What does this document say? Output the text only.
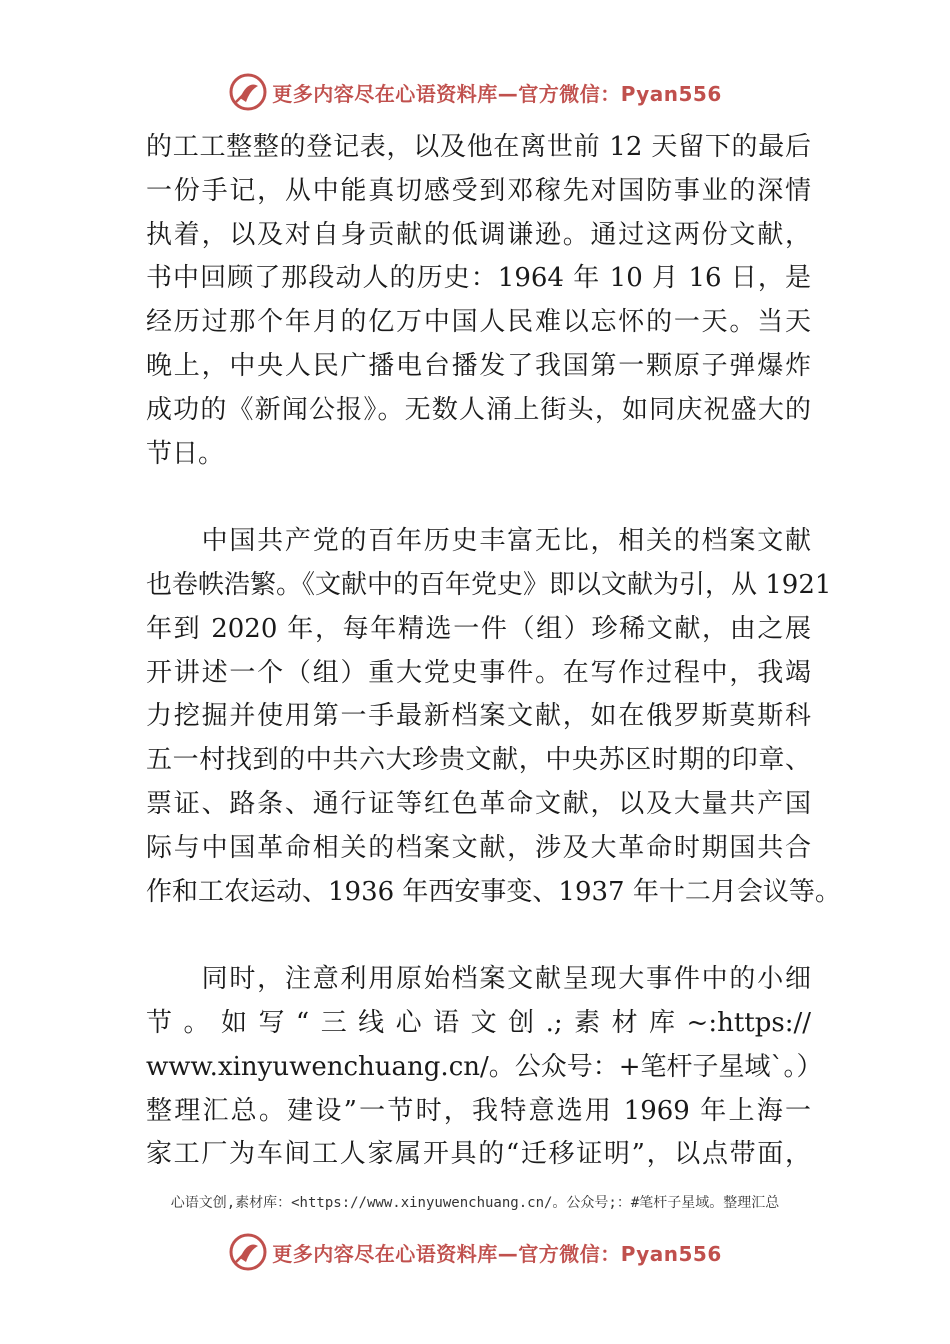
更多内容尽在心语资料库—官方微信：Pyan556
的工工整整的登记表，以及他在离世前 12 天留下的最后
一份手记，从中能真切感受到邓稼先对国防事业的深情
执着，以及对自身贡献的低调谦逊。通过这两份文献，
书中回顾了那段动人的历史：1964 年 10 月 16 日，是
经历过那个年月的亿万中国人民难以忘怀的一天。当天
晚上，中央人民广播电台播发了我国第一颗原子弹爆炸
成功的《新闻公报》。无数人涌上街头，如同庆祝盛大的
节日。
　　中国共产党的百年历史丰富无比，相关的档案文献
也卷帙浩繁。《文献中的百年党史》即以文献为引，从 1921
年到 2020 年，每年精选一件（组）珍稀文献，由之展
开讲述一个（组）重大党史事件。在写作过程中，我竭
力挖掘并使用第一手最新档案文献，如在俄罗斯莫斯科
五一村找到的中共六大珍贵文献，中央苏区时期的印章、
票证、路条、通行证等红色革命文献，以及大量共产国
际与中国革命相关的档案文献，涉及大革命时期国共合
作和工农运动、1936 年西安事变、1937 年十二月会议等。
　　同时，注意利用原始档案文献呈现大事件中的小细
节。如写“三线心语文创.;素材库~:https://
www.xinyuwenchuang.cn/。公众号：+笔杆子星域`。）
整理汇总。建设”一节时，我特意选用 1969 年上海一
家工厂为车间工人家属开具的“迁移证明”，以点带面，
心语文创,素材库：<https://www.xinyuwenchuang.cn/。公众号;：#笔杆子星域。整理汇总
更多内容尽在心语资料库—官方微信：Pyan556
